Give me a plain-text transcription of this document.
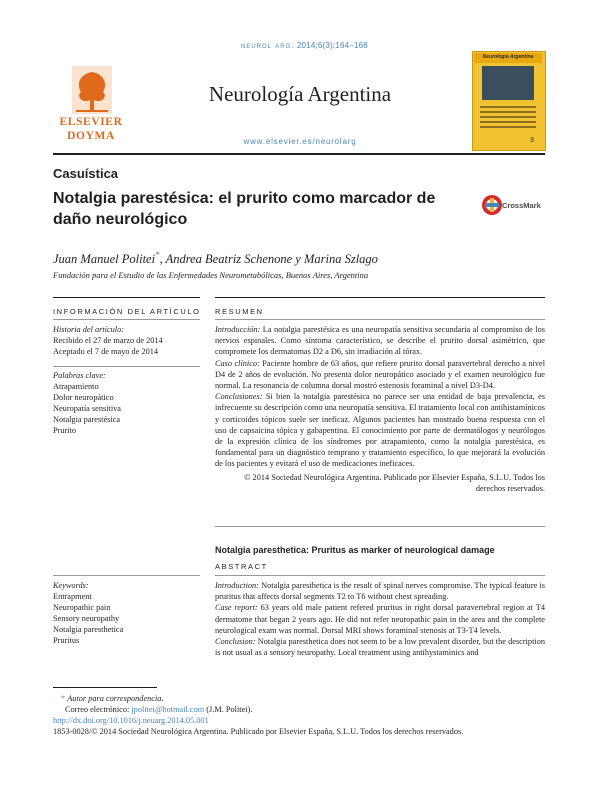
neurol arg. 2014;6(3):164–168
ELSEVIER
DOYMA
Neurología Argentina
www.elsevier.es/neurolarg
Neurología Argentina
3
Casuística
Notalgia parestésica: el prurito como marcador de daño neurológico
CrossMark
Juan Manuel Politei*, Andrea Beatriz Schenone y Marina Szlago
Fundación para el Estudio de las Enfermedades Neurometabólicas, Buenos Aires, Argentina
INFORMACIÓN DEL ARTÍCULO RESUMEN
Historia del artículo:
Recibido el 27 de marzo de 2014
Aceptado el 7 de mayo de 2014
Palabras clave:
Atrapamiento
Dolor neuropático
Neuropatía sensitiva
Notalgia parestésica
Prurito

Introducción: La notalgia parestésica es una neuropatía sensitiva secundaria al compromiso de los nervios espinales. Como síntoma característico, se describe el prurito dorsal asimétrico, que compromete los dermatomas D2 a D6, sin irradiación al tórax.

Caso clínico: Paciente hombre de 63 años, que refiere prurito dorsal paravertebral derecho a nivel D4 de 2 años de evolución. No presenta dolor neuropático asociado y el examen neurológico fue normal. La resonancia de columna dorsal mostró estenosis foraminal a nivel D3-D4.

Conclusiones: Si bien la notalgia parestésica no parece ser una entidad de baja prevalencia, es infrecuente su descripción como una neuropatía sensitiva. El tratamiento local con antihistamínicos y corticoides tópicos suele ser ineficaz. Algunos pacientes han mostrado buena respuesta con el uso de capsaicina tópica y gabapentina. El conocimiento por parte de dermatólogos y neurólogos de la expresión clínica de los síndromes por atrapamiento, como la notalgia parestésica, es fundamental para un diagnóstico temprano y tratamiento específico, lo que mejorará la evolución de los pacientes y evitará el uso de medicaciones ineficaces.

© 2014 Sociedad Neurológica Argentina. Publicado por Elsevier España, S.L.U. Todos los derechos reservados.

Notalgia paresthetica: Pruritus as marker of neurological damage
ABSTRACT
Keywords:
Entrapment
Neuropathic pain
Sensory neuropathy
Notalgia paresthetica
Pruritus

Introduction: Notalgia paresthetica is the result of spinal nerves compromise. The typical feature is pruritus that affects dorsal segments T2 to T6 without chest spreading.

Case report: 63 years old male patient refered pruritus in right dorsal paravertebral region at T4 dermatome that began 2 years ago. He did not refer neuropathic pain in the area and the complete neurological exam was normal. Dorsal MRI shows foraminal stenosis at T3-T4 levels.

Conclusion: Notalgia paresthetica does not seem to be a low prevalent disorder, but the description is not usual as a sensory neuropathy. Local treatment using antihystaminics and

* Autor para correspondencia.
Correo electrónico: jpolitei@hotmail.com (J.M. Politei).
http://dx.doi.org/10.1016/j.neuarg.2014.05.001
1853-0028/© 2014 Sociedad Neurológica Argentina. Publicado por Elsevier España, S.L.U. Todos los derechos reservados.
